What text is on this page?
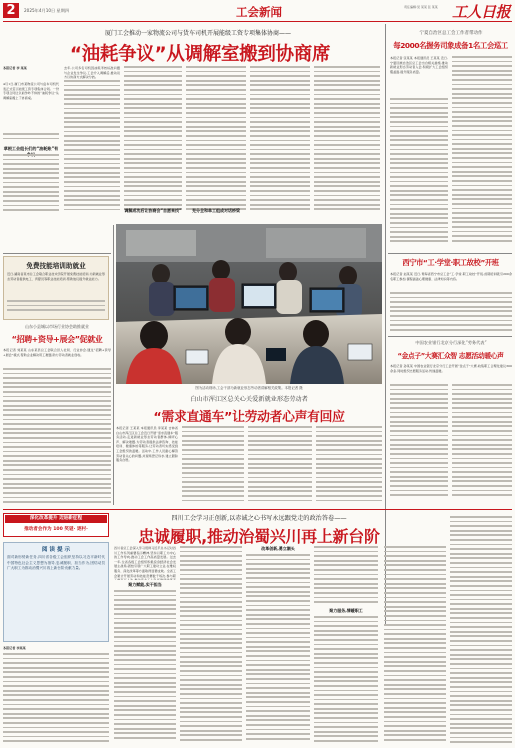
2	2025年4月10日 星期四	工会新闻	责任编辑:吴 某某 张 某某 工人日报
厦门工会推动一家物流公司与货车司机开展能级工资专项集体协商——
“油耗争议”从调解室搬到协商席
本报记者 李 某某
4月1日,厦门市某物流公司与货车司机代表正式签订能级工资专项集体合同。一份专项合同让以前争吵不休的“油耗争议”从调解室搬上了协商桌。
草根工会组长们的“油耗账”有
去年,公司多名司机因油耗考核标准问题与企业发生争议,工会介入调解后,推动双方以协商方式解决分歧。
调解成功后让协商会“自愿来找”	充分全和单工组成对话桥梁
宁夏自治区总工会工作者带动作
每2000名握务司象成备1名工会巡工
本报记者 张某某 本报通讯员 王某某 近日,宁夏回族自治区总工会出台相关措施,推动新就业形态劳动者入会,积极扩大工会组织覆盖面,提升服务质量。
西宁市“工·学堂·职工故校”开班
本报记者 赵某某 近日,青海省西宁市总工会“工·学堂·职工故校”开班,首期培训吸引200余名职工参加,课程涵盖心理健康、法律知识等内容。
中国农业银行北京分行深化“劳务代表”
“金点子”大赛汇众智 志愿活动暖心声
本报记者 孙某某 中国农业银行北京分行工会开展“金点子”大赛,收集职工合理化建议300余条,同时组织志愿服务活动,传递温暖。
免费技能培训助就业
近日,湖南省某市总工会联合职业技术学院开展免费技能培训,为新就业形态劳动者提供电工、育婴员等职业技能培训,帮助他们提升就业能力。
山东小县城以市场行业协会助推就业
“招聘+资导+展会”促就业
本报记者 刘某某 山东某县总工会联合县人社局、行业协会,通过“招聘+资导+展会”模式,帮助企业解决用工难题,助力劳动者就业创收。
图为活动现场,工会干部为新就业形态劳动者讲解相关政策。本报记者 摄
白山市浑江区总关心关爱新就业形态劳动者
“需求直通车”让劳动者心声有回应
本报记者 王某某 本报通讯员 李某某 吉林省白山市浑江区总工会近日开展“需求直通车”服务活动,走进新就业形态劳动者群体,倾听心声、解决难题,为劳动者提供法律咨询、技能培训、健康体检等服务,让劳动者切实感受到工会组织的温暖。活动中,工作人员耐心解答劳动者关心的问题,并现场登记诉求,建立跟踪服务台账。
深化改革提升 迈进新征程
推动者会作为 100 奖谜· 逐村·
四川工会学习正创新,以赤诚之心书写永远跟党走的政治答卷——
忠诚履职,推动治蜀兴川再上新台阶
阅 读 提 示
面对新形势新任务,四川省各级工会组织坚持以习近平新时代中国特色社会主义思想为指导,忠诚履职、担当作为,团结动员广大职工为推动治蜀兴川再上新台阶贡献力量。
本报记者 李某某
四川省总工会深入学习贯彻习近平总书记对四川工作系列重要指示精神,坚持以职工为中心的工作导向,推动工会工作高质量发展。过去一年,全省各级工会组织积极投身经济社会发展主战场,团结引领广大职工建功立业,在维权服务、深化改革等方面取得显著成效。全省工会累计开展劳动和技能竞赛数千场次,参与职
聚力赋能,实干担当
改革创新,勇立潮头
聚力服务,情暖职工
